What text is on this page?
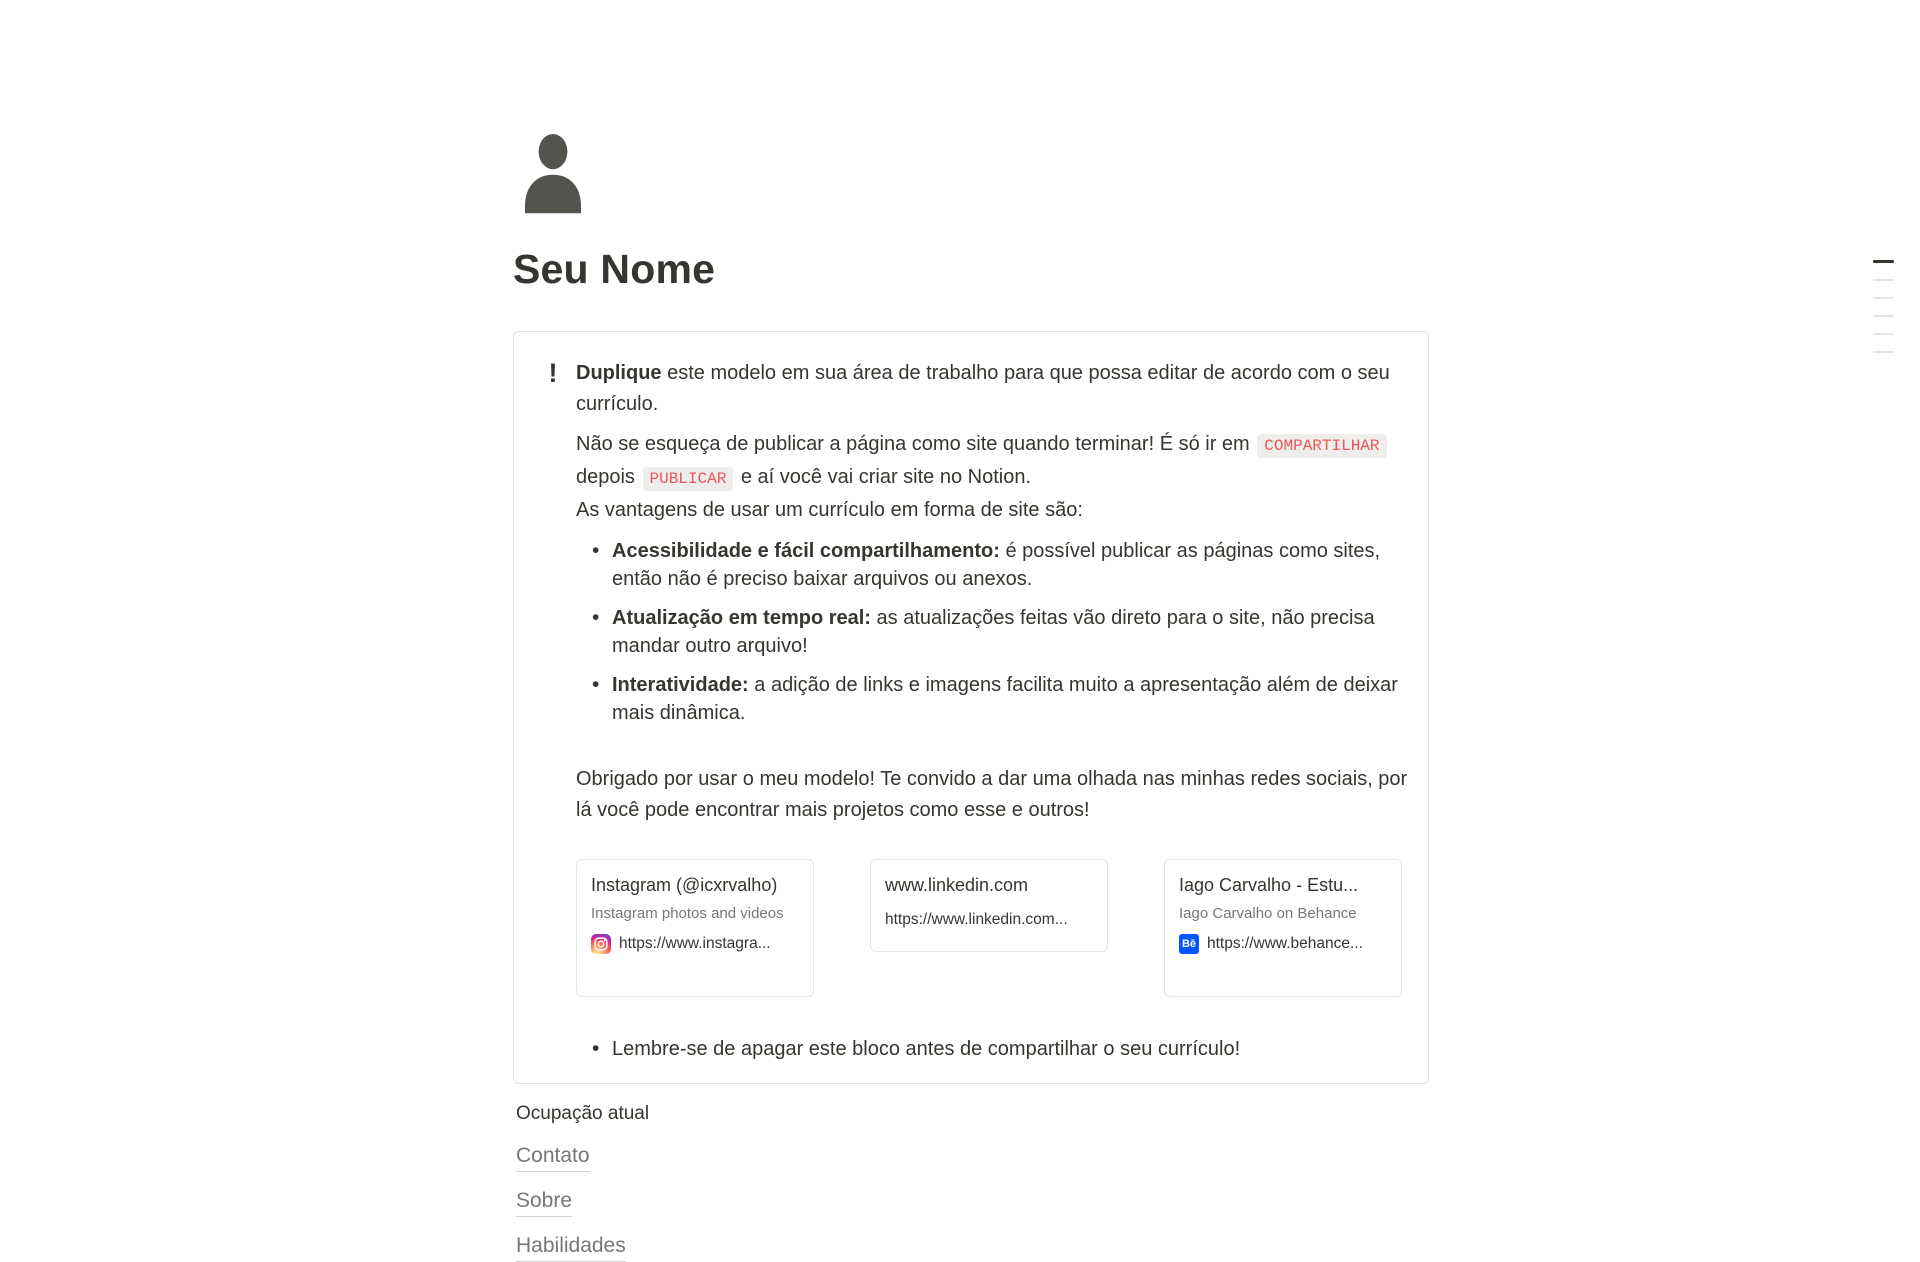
Seu Nome
! Duplique este modelo em sua área de trabalho para que possa editar de acordo com o seu currículo.

Não se esqueça de publicar a página como site quando terminar! É só ir em COMPARTILHAR
depois PUBLICAR e aí você vai criar site no Notion.
As vantagens de usar um currículo em forma de site são:

• Acessibilidade e fácil compartilhamento: é possível publicar as páginas como sites, então não é preciso baixar arquivos ou anexos.
• Atualização em tempo real: as atualizações feitas vão direto para o site, não precisa mandar outro arquivo!
• Interatividade: a adição de links e imagens facilita muito a apresentação além de deixar mais dinâmica.

Obrigado por usar o meu modelo! Te convido a dar uma olhada nas minhas redes sociais, por lá você pode encontrar mais projetos como esse e outros!

Instagram (@icxrvalho)
Instagram photos and videos
https://www.instagra...
www.linkedin.com
https://www.linkedin.com...
Iago Carvalho - Estu...
Iago Carvalho on Behance
Bē https://www.behance...
• Lembre-se de apagar este bloco antes de compartilhar o seu currículo!

Ocupação atual

Contato
Sobre
Habilidades
